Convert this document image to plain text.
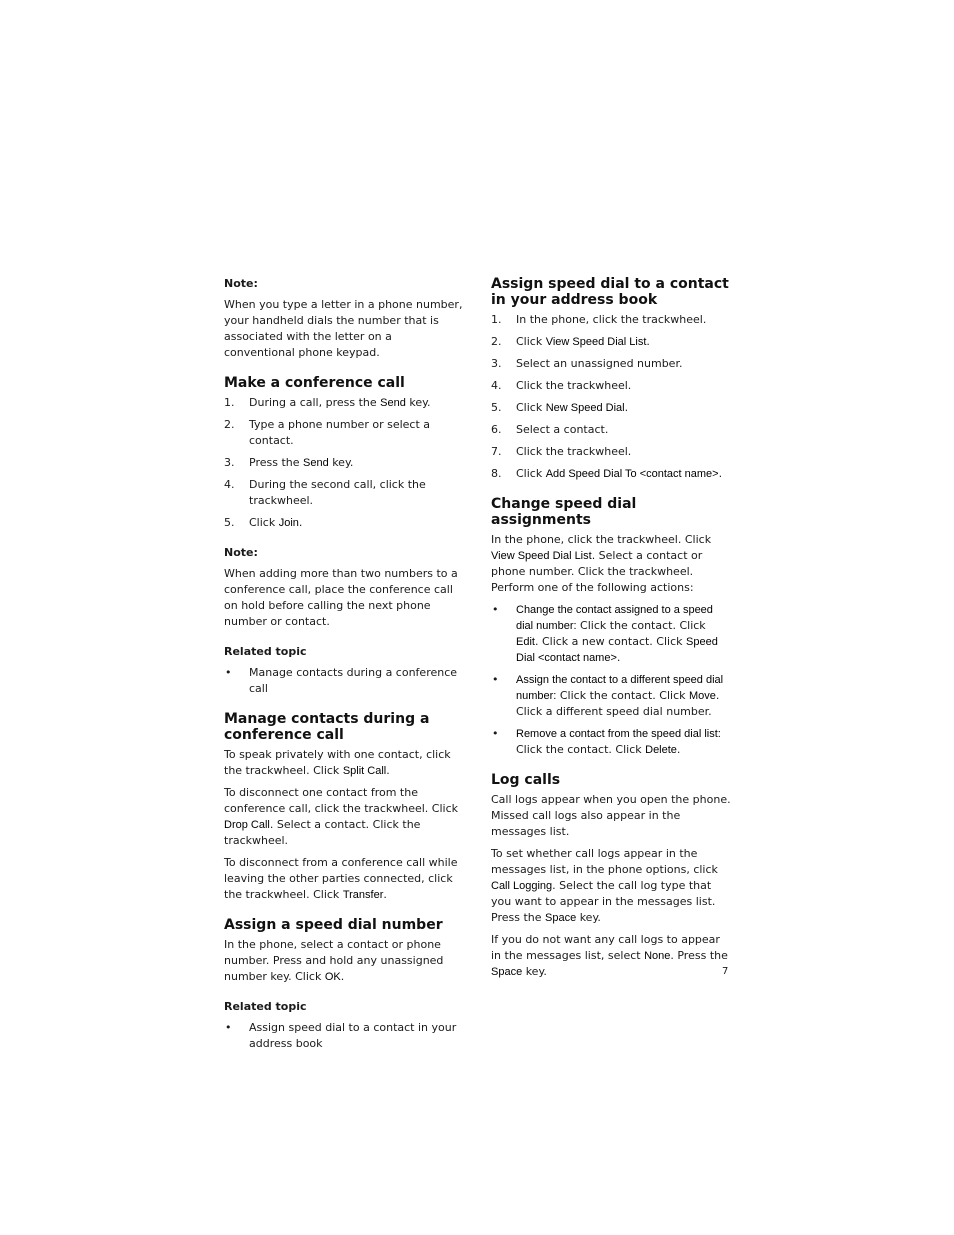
Note:

When you type a letter in a phone number, your handheld dials the number that is associated with the letter on a conventional phone keypad.

Make a conference call
1. During a call, press the Send key.
2. Type a phone number or select a contact.
3. Press the Send key.
4. During the second call, click the trackwheel.
5. Click Join.
Note:

When adding more than two numbers to a conference call, place the conference call on hold before calling the next phone number or contact.

Related topic
• Manage contacts during a conference call
Manage contacts during a conference call

To speak privately with one contact, click the trackwheel. Click Split Call.

To disconnect one contact from the conference call, click the trackwheel. Click Drop Call. Select a contact. Click the trackwheel.

To disconnect from a conference call while leaving the other parties connected, click the trackwheel. Click Transfer.

Assign a speed dial number

In the phone, select a contact or phone number. Press and hold any unassigned number key. Click OK.

Related topic
• Assign speed dial to a contact in your address book
Assign speed dial to a contact in your address book
1. In the phone, click the trackwheel.
2. Click View Speed Dial List.
3. Select an unassigned number.
4. Click the trackwheel.
5. Click New Speed Dial.
6. Select a contact.
7. Click the trackwheel.
8. Click Add Speed Dial To <contact name>.
Change speed dial assignments

In the phone, click the trackwheel. Click View Speed Dial List. Select a contact or phone number. Click the trackwheel. Perform one of the following actions:

• Change the contact assigned to a speed dial number: Click the contact. Click Edit. Click a new contact. Click Speed Dial <contact name>.
• Assign the contact to a different speed dial number: Click the contact. Click Move. Click a different speed dial number.
• Remove a contact from the speed dial list: Click the contact. Click Delete.
Log calls

Call logs appear when you open the phone. Missed call logs also appear in the messages list.

To set whether call logs appear in the messages list, in the phone options, click Call Logging. Select the call log type that you want to appear in the messages list. Press the Space key.

If you do not want any call logs to appear in the messages list, select None. Press the Space key.	7
